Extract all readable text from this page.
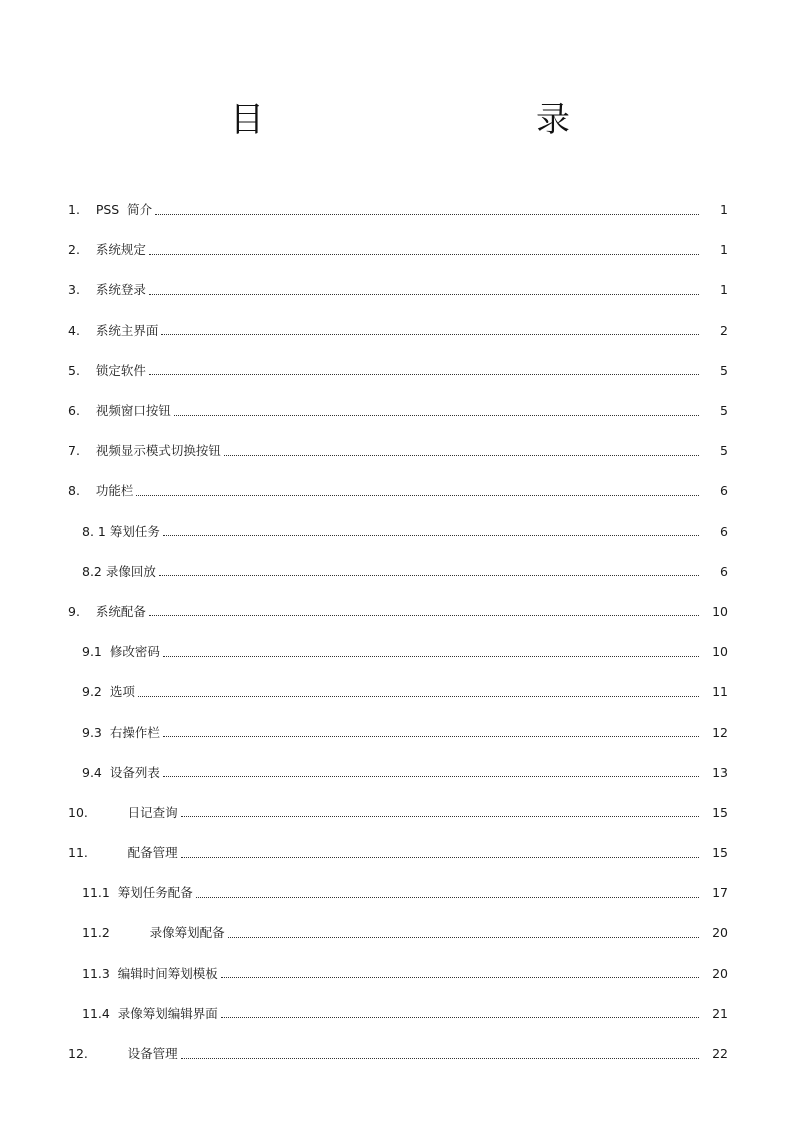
目　　录
1.    PSS  简介	1
2.    系统规定	1
3.    系统登录	1
4.    系统主界面	2
5.    锁定软件	5
6.    视频窗口按钮	5
7.    视频显示模式切换按钮	5
8.    功能栏	6
8. 1 筹划任务	6
8.2 录像回放	6
9.    系统配备	10
9.1  修改密码	10
9.2  选项	11
9.3  右操作栏	12
9.4  设备列表	13
10.          日记查询	15
11.          配备管理	15
11.1  筹划任务配备	17
11.2          录像筹划配备	20
11.3  编辑时间筹划模板	20
11.4  录像筹划编辑界面	21
12.          设备管理	22
